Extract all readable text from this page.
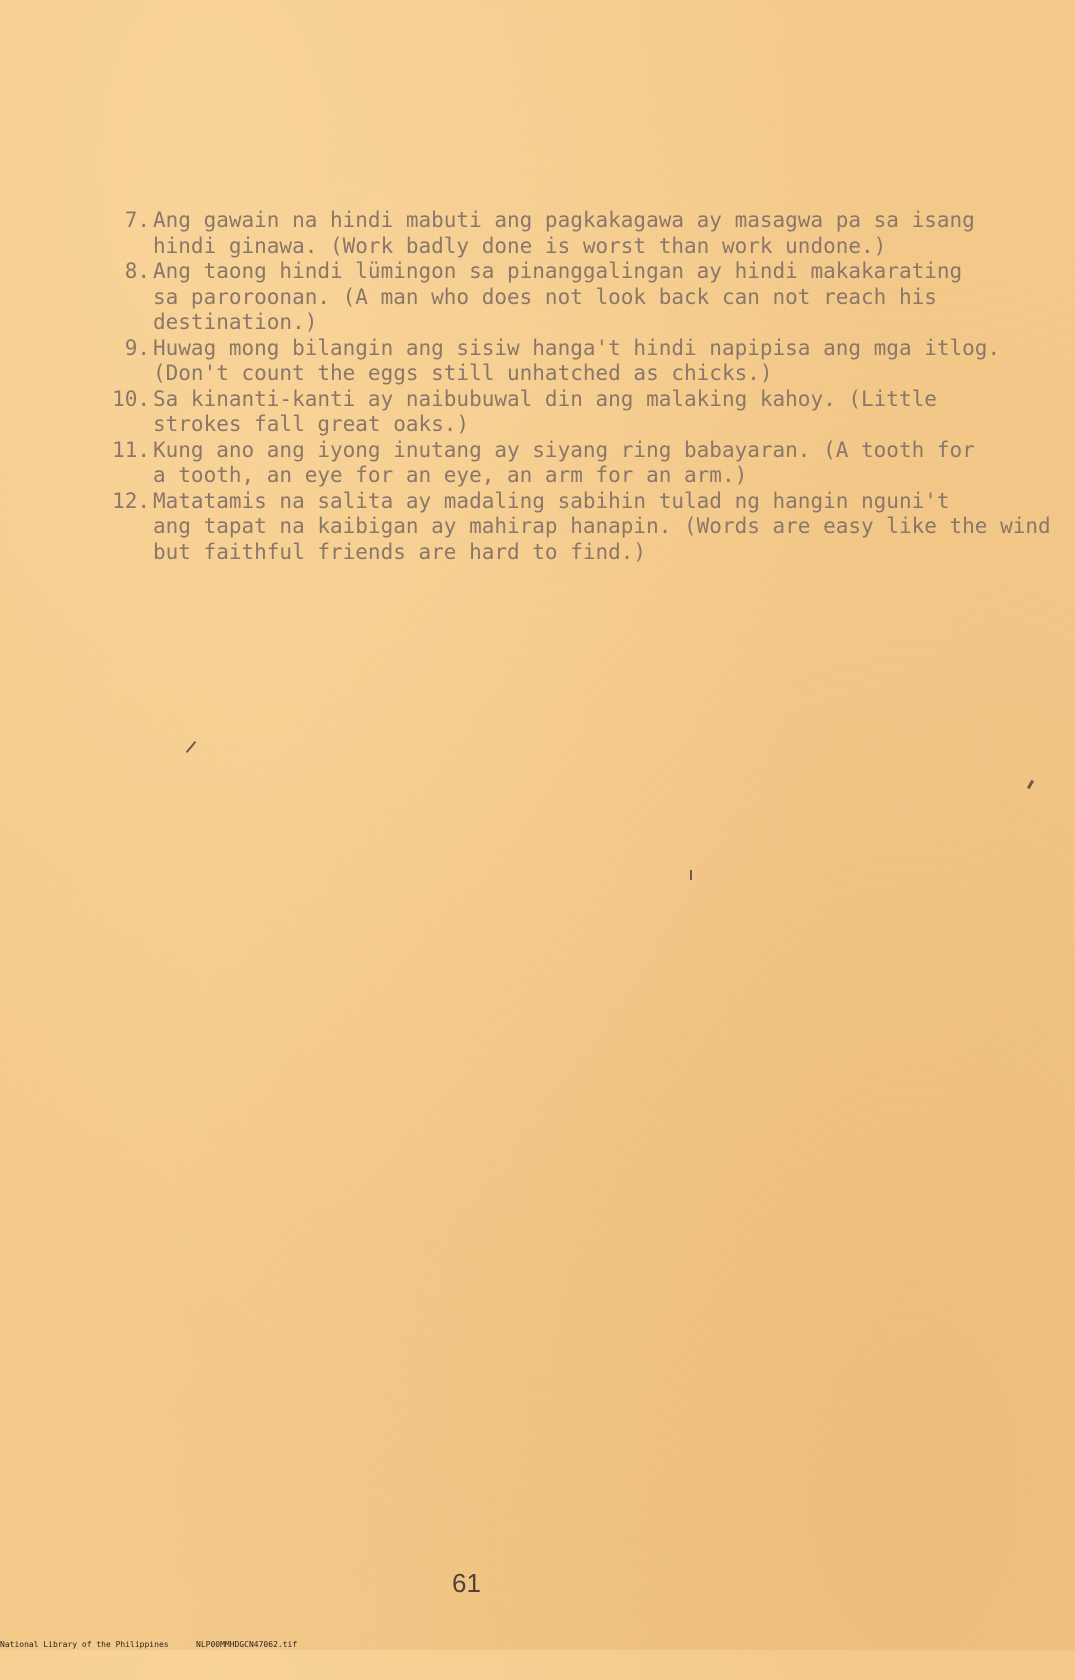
7. Ang gawain na hindi mabuti ang pagkakagawa ay masagwa pa sa isang
hindi ginawa. (Work badly done is worst than work undone.)
8. Ang taong hindi lümingon sa pinanggalingan ay hindi makakarating
sa paroroonan. (A man who does not look back can not reach his
destination.)
9. Huwag mong bilangin ang sisiw hanga't hindi napipisa ang mga itlog.
(Don't count the eggs still unhatched as chicks.)
10. Sa kinanti-kanti ay naibubuwal din ang malaking kahoy. (Little
strokes fall great oaks.)
11. Kung ano ang iyong inutang ay siyang ring babayaran. (A tooth for
a tooth, an eye for an eye, an arm for an arm.)
12. Matatamis na salita ay madaling sabihin tulad ng hangin nguni't
ang tapat na kaibigan ay mahirap hanapin. (Words are easy like the wind
but faithful friends are hard to find.)
61

National Library of the Philippines

	NLP00MMHDGCN47062.tif
